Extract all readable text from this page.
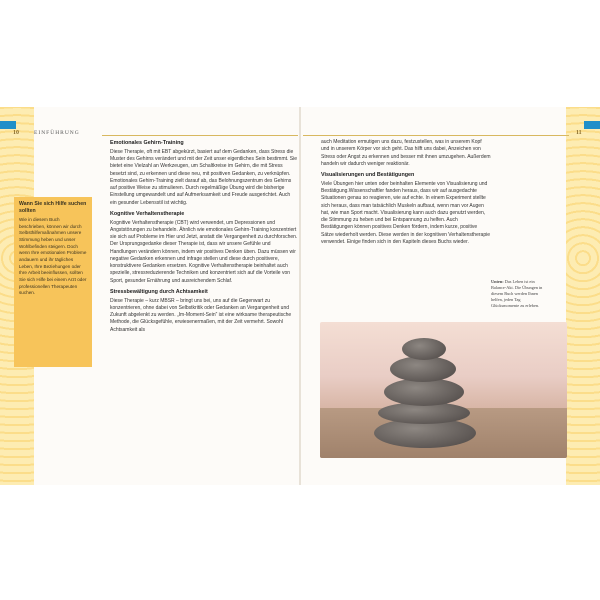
10	EINFÜHRUNG	11
Wann Sie sich Hilfe suchen sollten

Wie in diesem Buch beschrieben, können wir durch Selbsthilfemaßnahmen unsere Stimmung heben und unser Wohlbefinden steigern. Doch wenn Ihre emotionalen Probleme andauern und ihr tägliches Leben, Ihre Beziehungen oder Ihre Arbeit beeinflussen, sollten Sie sich Hilfe bei einem Arzt oder professionellen Therapeuten suchen.

Emotionales Gehirn-Training

Diese Therapie, oft mit EBT abgekürzt, basiert auf dem Gedanken, dass Stress die Muster des Gehirns verändert und mit der Zeit unser eigentliches Sein bestimmt. Sie bietet eine Vielzahl an Werkzeugen, um Schaltkreise im Gehirn, die mit Stress besetzt sind, zu erkennen und diese neu, mit positiven Gedanken, zu verknüpfen. Emotionales Gehirn-Training zielt darauf ab, das Belohnungszentrum des Gehirns auf positive Weise zu stimulieren. Durch regelmäßige Übung wird die bisherige Einstellung umgewandelt und auf Aufmerksamkeit und Freude ausgerichtet. Auch ein gesunder Lebensstil ist wichtig.

Kognitive Verhaltenstherapie

Kognitive Verhaltenstherapie (CBT) wird verwendet, um Depressionen und Angststörungen zu behandeln. Ähnlich wie emotionales Gehirn-Training konzentriert sie sich auf Probleme im Hier und Jetzt, anstatt die Vergangenheit zu durchforschen. Der Ursprungsgedanke dieser Therapie ist, dass wir unsere Gefühle und Handlungen verändern können, indem wir positives Denken üben. Dazu müssen wir negative Gedanken erkennen und infrage stellen und diese durch positivere, konstruktivere Gedanken ersetzen. Kognitive Verhaltenstherapie beinhaltet auch spezielle, stressreduzierende Techniken und konzentriert sich auf die Vorteile von Sport, gesunder Ernährung und ausreichendem Schlaf.

Stressbewältigung durch Achtsamkeit

Diese Therapie – kurz MBSR – bringt uns bei, uns auf die Gegenwart zu konzentrieren, ohne dabei von Selbstkritik oder Gedanken an Vergangenheit und Zukunft abgelenkt zu werden. „Im-Moment-Sein“ ist eine wirksame therapeutische Methode, die Glücksgefühle, erwiesenermaßen, mit der Zeit vermehrt. Sowohl Achtsamkeit als

auch Meditation ermutigen uns dazu, festzustellen, was in unserem Kopf und in unserem Körper vor sich geht. Das hilft uns dabei, Anzeichen von Stress oder Angst zu erkennen und besser mit ihnen umzugehen. Außerdem handeln wir dadurch weniger reaktionär.

Visualisierungen und Bestätigungen

Viele Übungen hier unten oder beinhalten Elemente von Visualisierung und Bestätigung.Wissenschaftler fanden heraus, dass wir auf ausgedachte Situationen genau so reagieren, wie auf echte. In einem Experiment stellte sich heraus, dass man tatsächlich Muskeln aufbaut, wenn man vor Augen hat, wie man Sport macht. Visualisierung kann auch dazu genutzt werden, die Stimmung zu heben und bei Entspannung zu helfen. Auch Bestätigungen können positives Denken fördern, indem kurze, positive Sätze wiederholt werden. Diese werden in der kognitiven Verhaltenstherapie verwendet. Einige finden sich in den Kapiteln dieses Buchs wieder.

Unten: Das Leben ist ein Balance-Akt. Die Übungen in diesem Buch werden Ihnen helfen, jeden Tag Glücksmomente zu erleben.
